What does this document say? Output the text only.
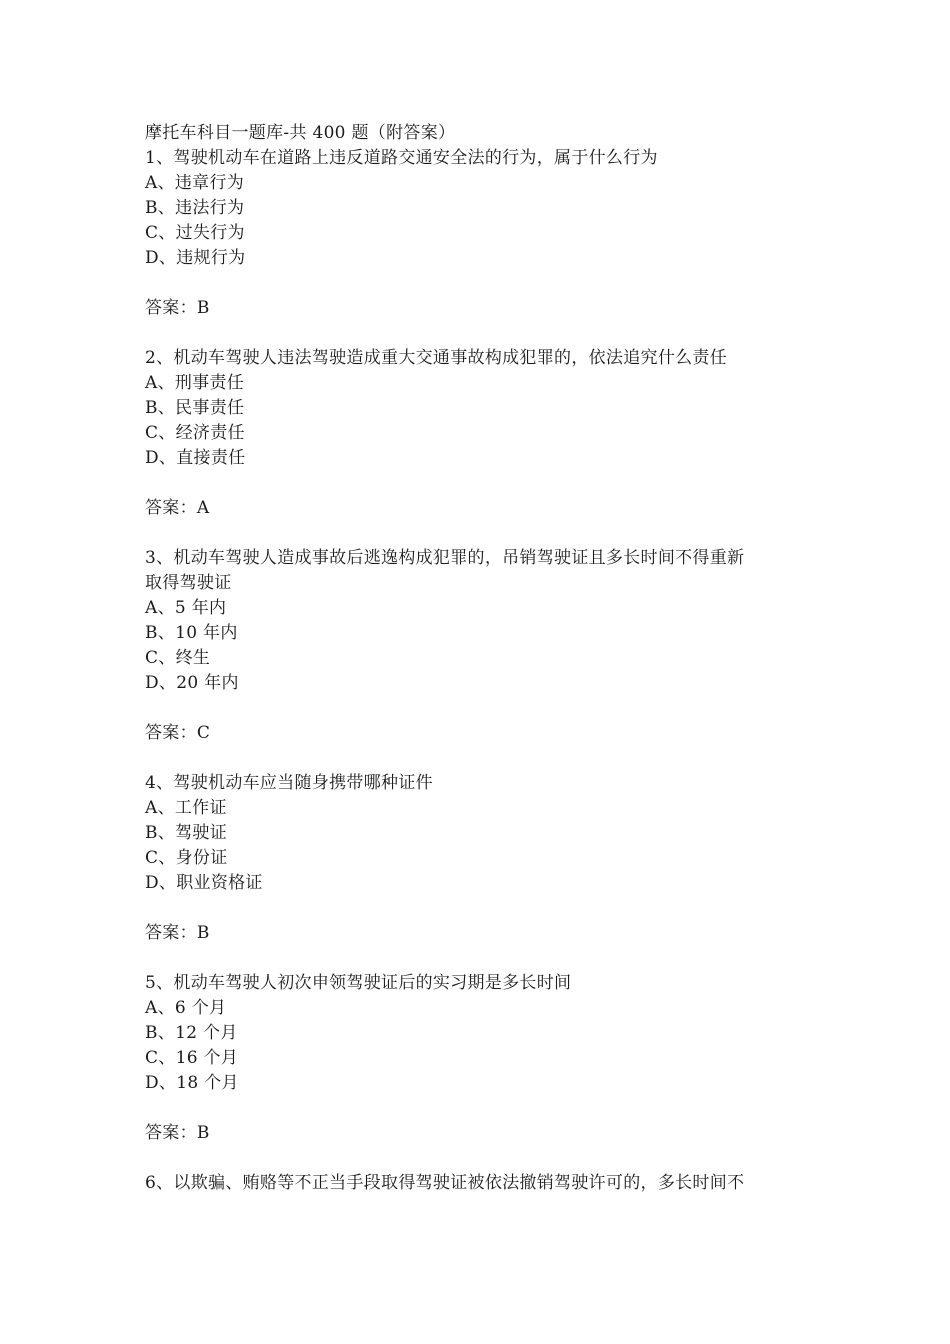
摩托车科目一题库-共 400 题（附答案）
1、驾驶机动车在道路上违反道路交通安全法的行为，属于什么行为
A、违章行为
B、违法行为
C、过失行为
D、违规行为
答案：B
2、机动车驾驶人违法驾驶造成重大交通事故构成犯罪的，依法追究什么责任
A、刑事责任
B、民事责任
C、经济责任
D、直接责任
答案：A
3、机动车驾驶人造成事故后逃逸构成犯罪的，吊销驾驶证且多长时间不得重新
取得驾驶证
A、5 年内
B、10 年内
C、终生
D、20 年内
答案：C
4、驾驶机动车应当随身携带哪种证件
A、工作证
B、驾驶证
C、身份证
D、职业资格证
答案：B
5、机动车驾驶人初次申领驾驶证后的实习期是多长时间
A、6 个月
B、12 个月
C、16 个月
D、18 个月
答案：B
6、以欺骗、贿赂等不正当手段取得驾驶证被依法撤销驾驶许可的，多长时间不
